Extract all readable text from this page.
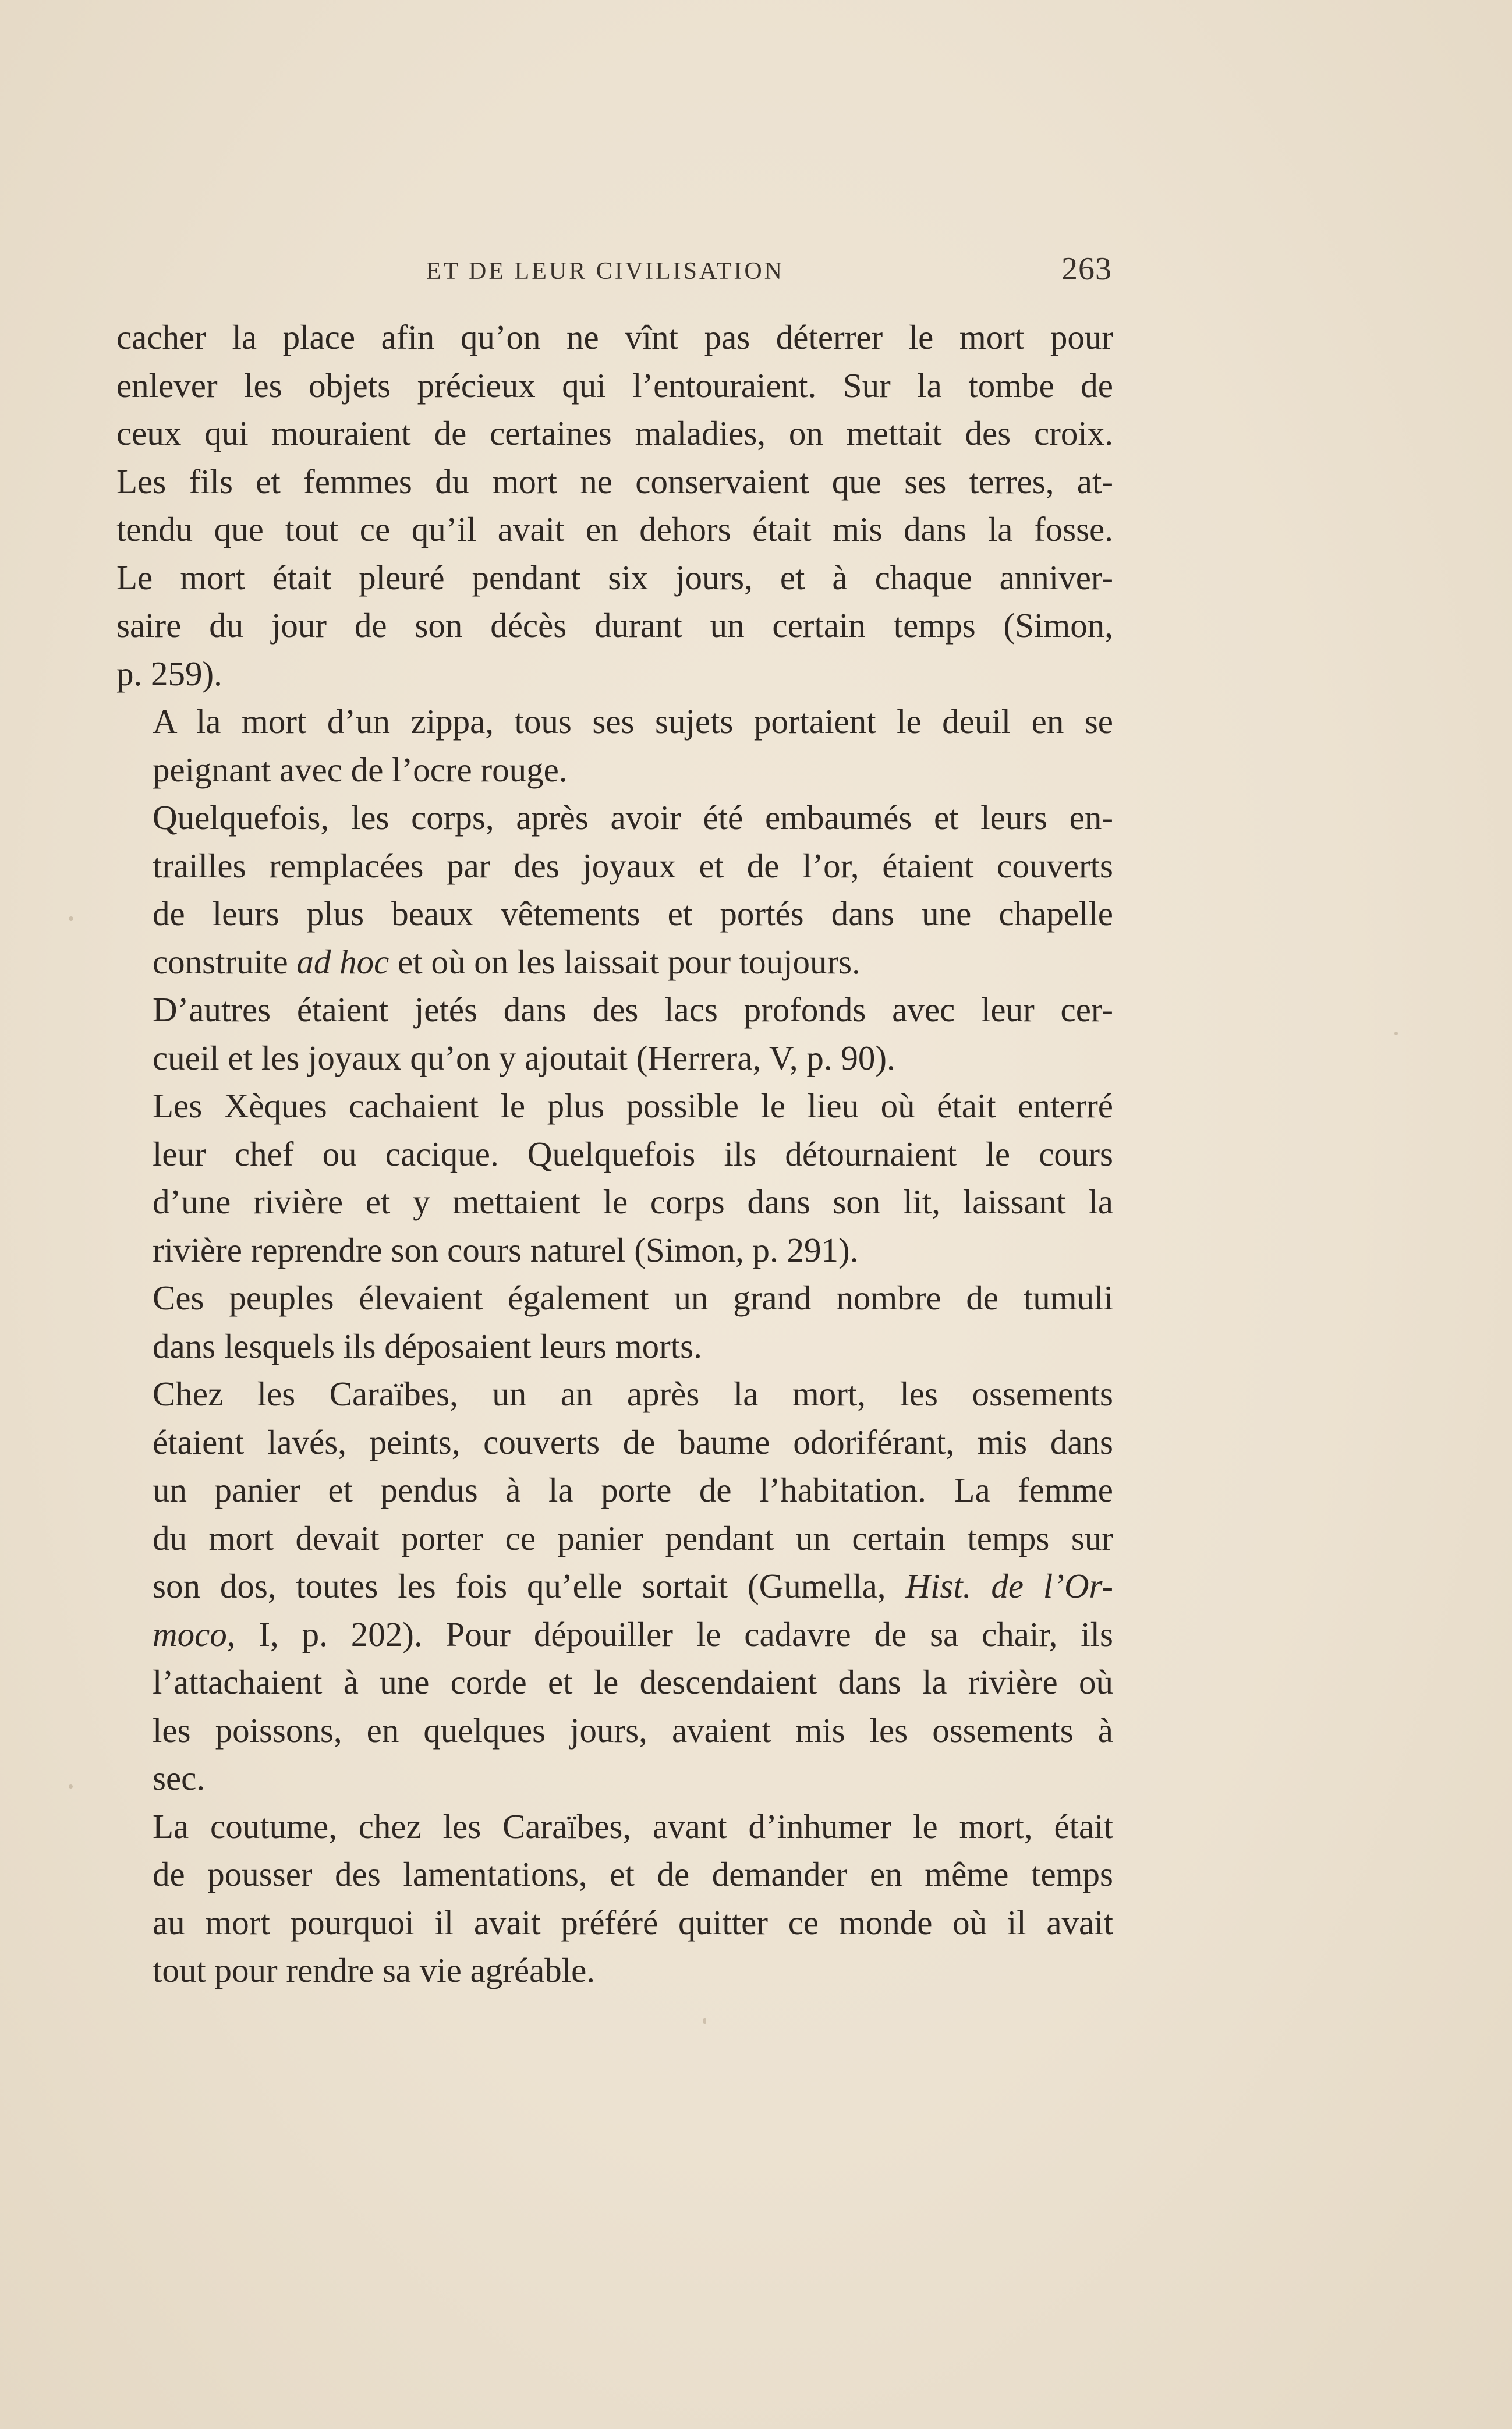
ET DE LEUR CIVILISATION	263

cacher la place afin qu’on ne vînt pas déterrer le mort pour
enlever les objets précieux qui l’entouraient. Sur la tombe de
ceux qui mouraient de certaines maladies, on mettait des croix.
Les fils et femmes du mort ne conservaient que ses terres, at-
tendu que tout ce qu’il avait en dehors était mis dans la fosse.
Le mort était pleuré pendant six jours, et à chaque anniver-
saire du jour de son décès durant un certain temps (Simon,
p. 259).

A la mort d’un zippa, tous ses sujets portaient le deuil en se
peignant avec de l’ocre rouge.

Quelquefois, les corps, après avoir été embaumés et leurs en-
trailles remplacées par des joyaux et de l’or, étaient couverts
de leurs plus beaux vêtements et portés dans une chapelle
construite ad hoc et où on les laissait pour toujours.

D’autres étaient jetés dans des lacs profonds avec leur cer-
cueil et les joyaux qu’on y ajoutait (Herrera, V, p. 90).

Les Xèques cachaient le plus possible le lieu où était enterré
leur chef ou cacique. Quelquefois ils détournaient le cours
d’une rivière et y mettaient le corps dans son lit, laissant la
rivière reprendre son cours naturel (Simon, p. 291).

Ces peuples élevaient également un grand nombre de tumuli
dans lesquels ils déposaient leurs morts.

Chez les Caraïbes, un an après la mort, les ossements
étaient lavés, peints, couverts de baume odoriférant, mis dans
un panier et pendus à la porte de l’habitation. La femme
du mort devait porter ce panier pendant un certain temps sur
son dos, toutes les fois qu’elle sortait (Gumella, Hist. de l’Or-
moco, I, p. 202). Pour dépouiller le cadavre de sa chair, ils
l’attachaient à une corde et le descendaient dans la rivière où
les poissons, en quelques jours, avaient mis les ossements à
sec.

La coutume, chez les Caraïbes, avant d’inhumer le mort, était
de pousser des lamentations, et de demander en même temps
au mort pourquoi il avait préféré quitter ce monde où il avait
tout pour rendre sa vie agréable.
